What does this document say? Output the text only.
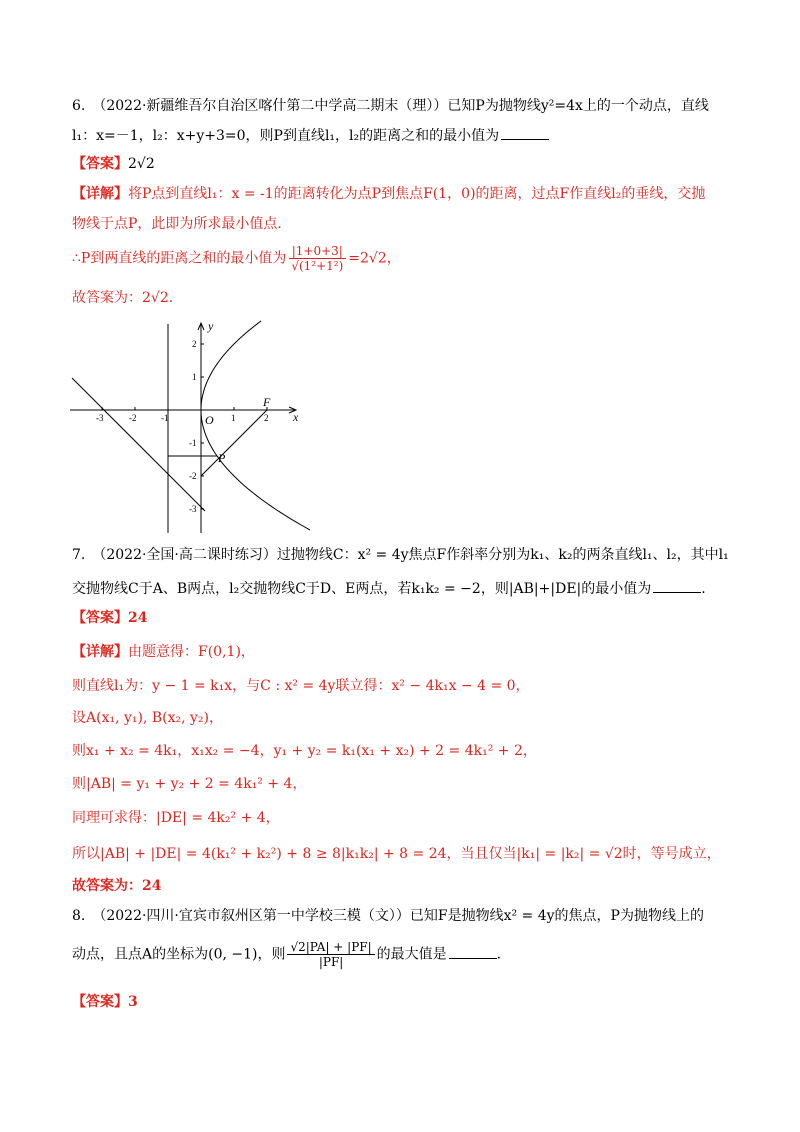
6.　（2022·新疆维吾尔自治区喀什第二中学高二期末（理））已知P为抛物线y²=4x上的一个动点，直线
l₁：x=－1，l₂：x+y+3=0，则P到直线l₁，l₂的距离之和的最小值为
【答案】2√2
【详解】将P点到直线l₁：x = -1的距离转化为点P到焦点F(1，0)的距离，过点F作直线l₂的垂线，交抛
物线于点P，此即为所求最小值点.
∴P到两直线的距离之和的最小值为 $\frac{|1+0+3|}{\text{√(1²+1²)}} =2√2$，
故答案为：2√2.
-3	-2	-1	1	2
2
1
-1
-2
-3
x
y
O
F
P
7.　（2022·全国·高二课时练习）过抛物线C：x² = 4y焦点F作斜率分别为k₁、k₂的两条直线l₁、l₂，其中l₁
交抛物线C于A、B两点，l₂交抛物线C于D、E两点，若k₁k₂ = −2，则|AB|+|DE|的最小值为	.
【答案】24
【详解】由题意得：F(0,1)，
则直线l₁为：y − 1 = k₁x，与C : x² = 4y联立得：x² − 4k₁x − 4 = 0，
设A(x₁, y₁), B(x₂, y₂)，
则x₁ + x₂ = 4k₁，x₁x₂ = −4，y₁ + y₂ = k₁(x₁ + x₂) + 2 = 4k₁² + 2，
则|AB| = y₁ + y₂ + 2 = 4k₁² + 4，
同理可求得：|DE| = 4k₂² + 4，
所以|AB| + |DE| = 4(k₁² + k₂²) + 8 ≥ 8|k₁k₂| + 8 = 24，当且仅当|k₁| = |k₂| = √2时，等号成立，
故答案为：24
8.　（2022·四川·宜宾市叙州区第一中学校三模（文））已知F是抛物线x² = 4y的焦点，P为抛物线上的
动点，且点A的坐标为(0, −1)，则 $\frac{√2|PA| + |PF|}{|PF|}$ 的最大值是	.
【答案】3
